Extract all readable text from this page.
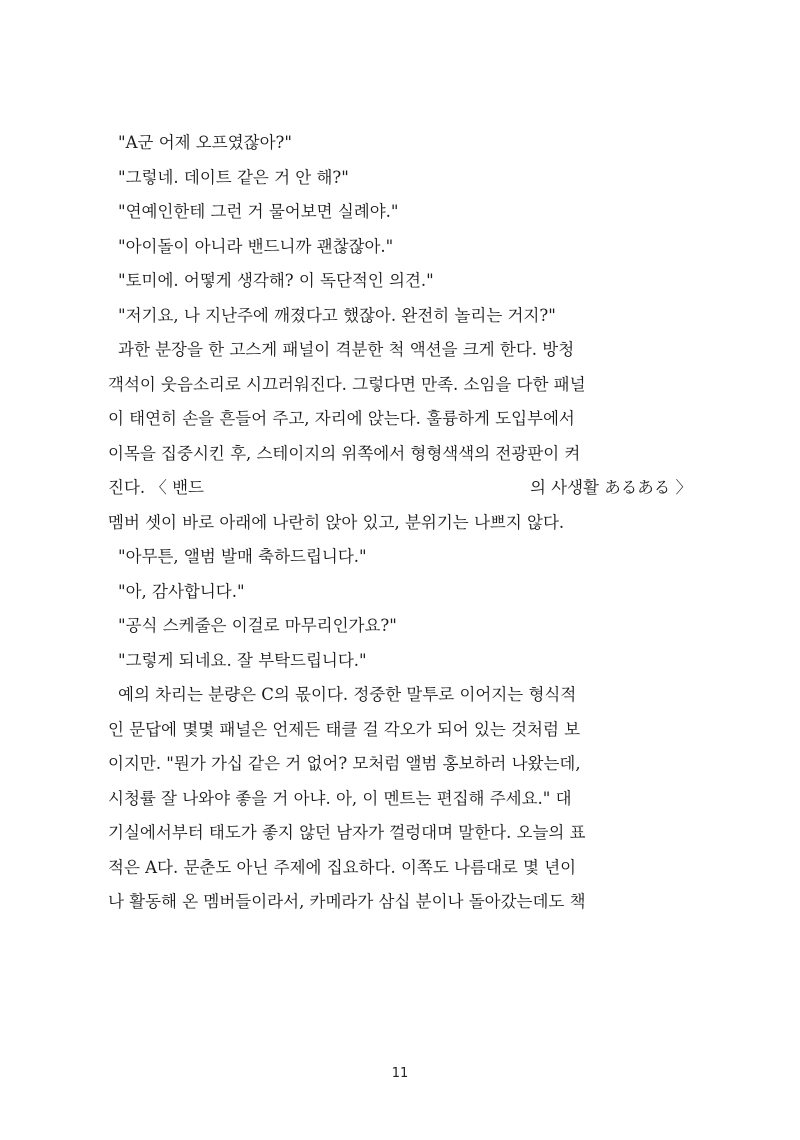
"A군 어제 오프였잖아?"
"그렇네. 데이트 같은 거 안 해?"
"연예인한테 그런 거 물어보면 실례야."
"아이돌이 아니라 밴드니까 괜찮잖아."
"토미에. 어떻게 생각해? 이 독단적인 의견."
"저기요, 나 지난주에 깨졌다고 했잖아. 완전히 놀리는 거지?"
과한 분장을 한 고스게 패널이 격분한 척 액션을 크게 한다. 방청
객석이 웃음소리로 시끄러워진다. 그렇다면 만족. 소임을 다한 패널
이 태연히 손을 흔들어 주고, 자리에 앉는다. 훌륭하게 도입부에서
이목을 집중시킨 후, 스테이지의 위쪽에서 형형색색의 전광판이 켜
진다. 〈 밴드	의 사생활 あるある 〉
멤버 셋이 바로 아래에 나란히 앉아 있고, 분위기는 나쁘지 않다.
"아무튼, 앨범 발매 축하드립니다."
"아, 감사합니다."
"공식 스케줄은 이걸로 마무리인가요?"
"그렇게 되네요. 잘 부탁드립니다."
예의 차리는 분량은 C의 몫이다. 정중한 말투로 이어지는 형식적
인 문답에 몇몇 패널은 언제든 태클 걸 각오가 되어 있는 것처럼 보
이지만. "뭔가 가십 같은 거 없어? 모처럼 앨범 홍보하러 나왔는데,
시청률 잘 나와야 좋을 거 아냐. 아, 이 멘트는 편집해 주세요." 대
기실에서부터 태도가 좋지 않던 남자가 껄렁대며 말한다. 오늘의 표
적은 A다. 문춘도 아닌 주제에 집요하다. 이쪽도 나름대로 몇 년이
나 활동해 온 멤버들이라서, 카메라가 삼십 분이나 돌아갔는데도 책
11
